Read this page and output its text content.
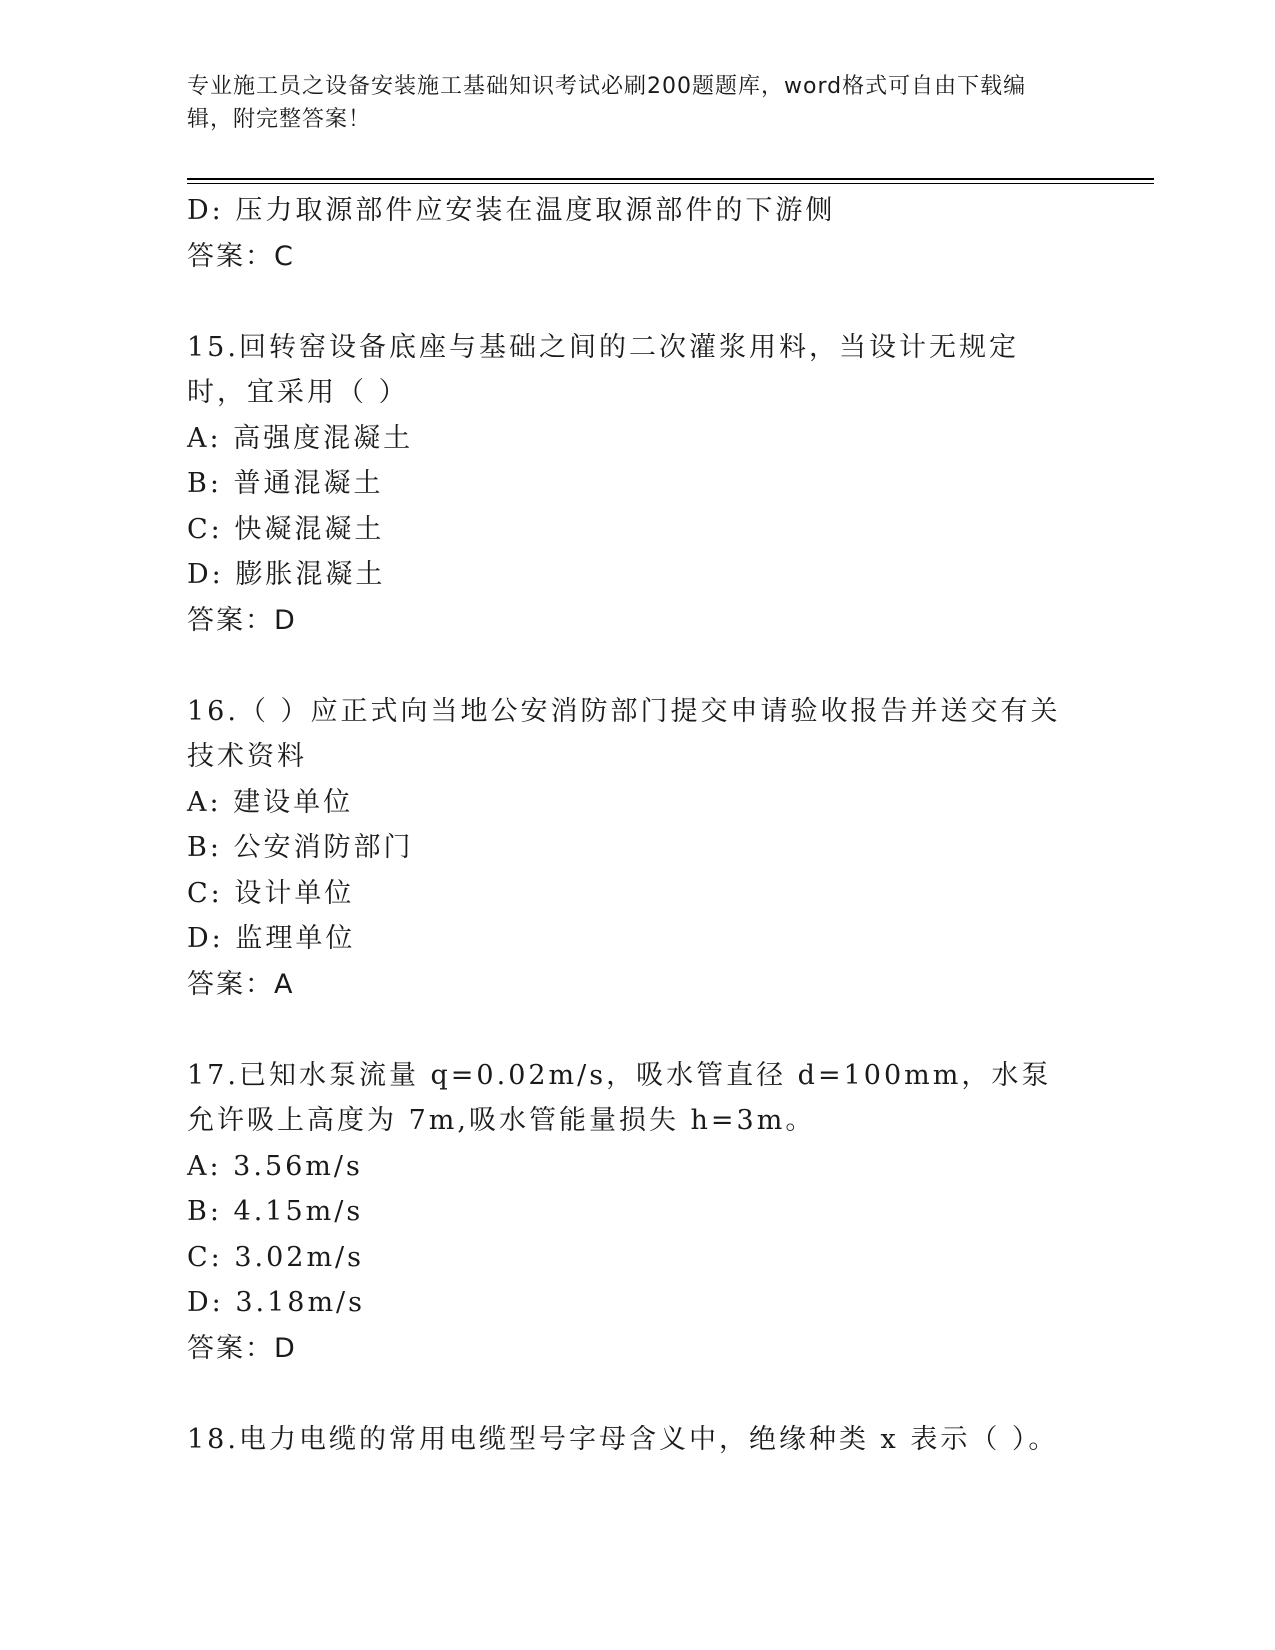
专业施工员之设备安装施工基础知识考试必刷200题题库，word格式可自由下载编辑，附完整答案！
D: 压力取源部件应安装在温度取源部件的下游侧
答案：C
15.回转窑设备底座与基础之间的二次灌浆用料，当设计无规定时，宜采用（ ）
A: 高强度混凝土
B: 普通混凝土
C: 快凝混凝土
D: 膨胀混凝土
答案：D
16.（ ）应正式向当地公安消防部门提交申请验收报告并送交有关技术资料
A: 建设单位
B: 公安消防部门
C: 设计单位
D: 监理单位
答案：A
17.已知水泵流量 q=0.02m/s，吸水管直径 d=100mm，水泵允许吸上高度为 7m,吸水管能量损失 h=3m。
A: 3.56m/s
B: 4.15m/s
C: 3.02m/s
D: 3.18m/s
答案：D
18.电力电缆的常用电缆型号字母含义中，绝缘种类 x 表示（ ）。
